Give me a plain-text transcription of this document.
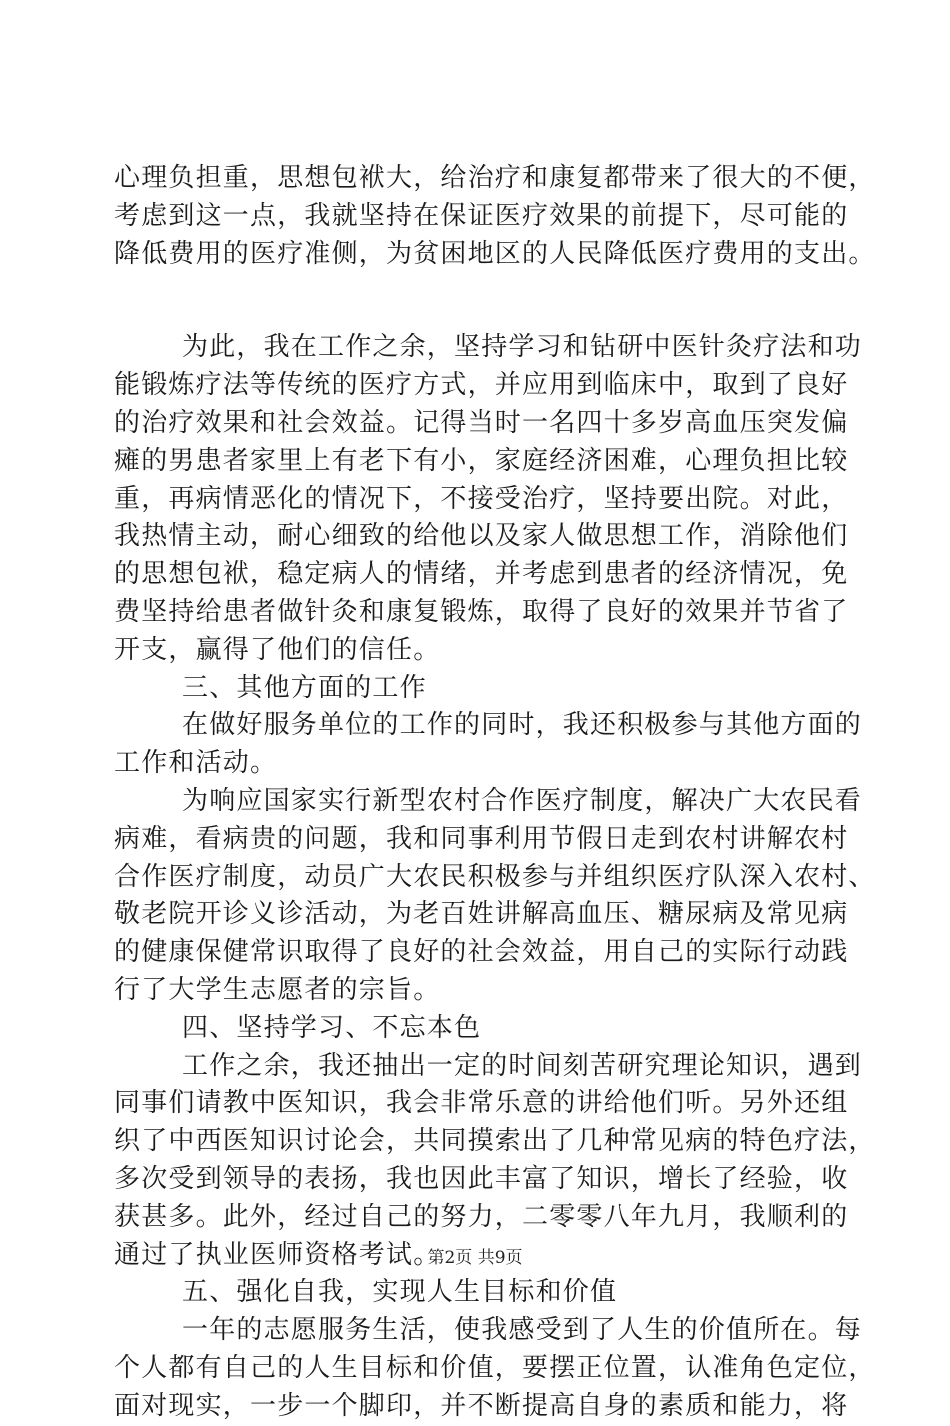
心理负担重，思想包袱大，给治疗和康复都带来了很大的不便，
考虑到这一点，我就坚持在保证医疗效果的前提下，尽可能的
降低费用的医疗准侧，为贫困地区的人民降低医疗费用的支出。
为此，我在工作之余，坚持学习和钻研中医针灸疗法和功
能锻炼疗法等传统的医疗方式，并应用到临床中，取到了良好
的治疗效果和社会效益。记得当时一名四十多岁高血压突发偏
瘫的男患者家里上有老下有小，家庭经济困难，心理负担比较
重，再病情恶化的情况下，不接受治疗，坚持要出院。对此，
我热情主动，耐心细致的给他以及家人做思想工作，消除他们
的思想包袱，稳定病人的情绪，并考虑到患者的经济情况，免
费坚持给患者做针灸和康复锻炼，取得了良好的效果并节省了
开支，赢得了他们的信任。
三、其他方面的工作
在做好服务单位的工作的同时，我还积极参与其他方面的
工作和活动。
为响应国家实行新型农村合作医疗制度，解决广大农民看
病难，看病贵的问题，我和同事利用节假日走到农村讲解农村
合作医疗制度，动员广大农民积极参与并组织医疗队深入农村、
敬老院开诊义诊活动，为老百姓讲解高血压、糖尿病及常见病
的健康保健常识取得了良好的社会效益，用自己的实际行动践
行了大学生志愿者的宗旨。
四、坚持学习、不忘本色
工作之余，我还抽出一定的时间刻苦研究理论知识，遇到
同事们请教中医知识，我会非常乐意的讲给他们听。另外还组
织了中西医知识讨论会，共同摸索出了几种常见病的特色疗法，
多次受到领导的表扬，我也因此丰富了知识，增长了经验，收
获甚多。此外，经过自己的努力，二零零八年九月，我顺利的
通过了执业医师资格考试。
五、强化自我，实现人生目标和价值
一年的志愿服务生活，使我感受到了人生的价值所在。每
个人都有自己的人生目标和价值，要摆正位置，认准角色定位，
面对现实，一步一个脚印，并不断提高自身的素质和能力，将
第2页 共9页
